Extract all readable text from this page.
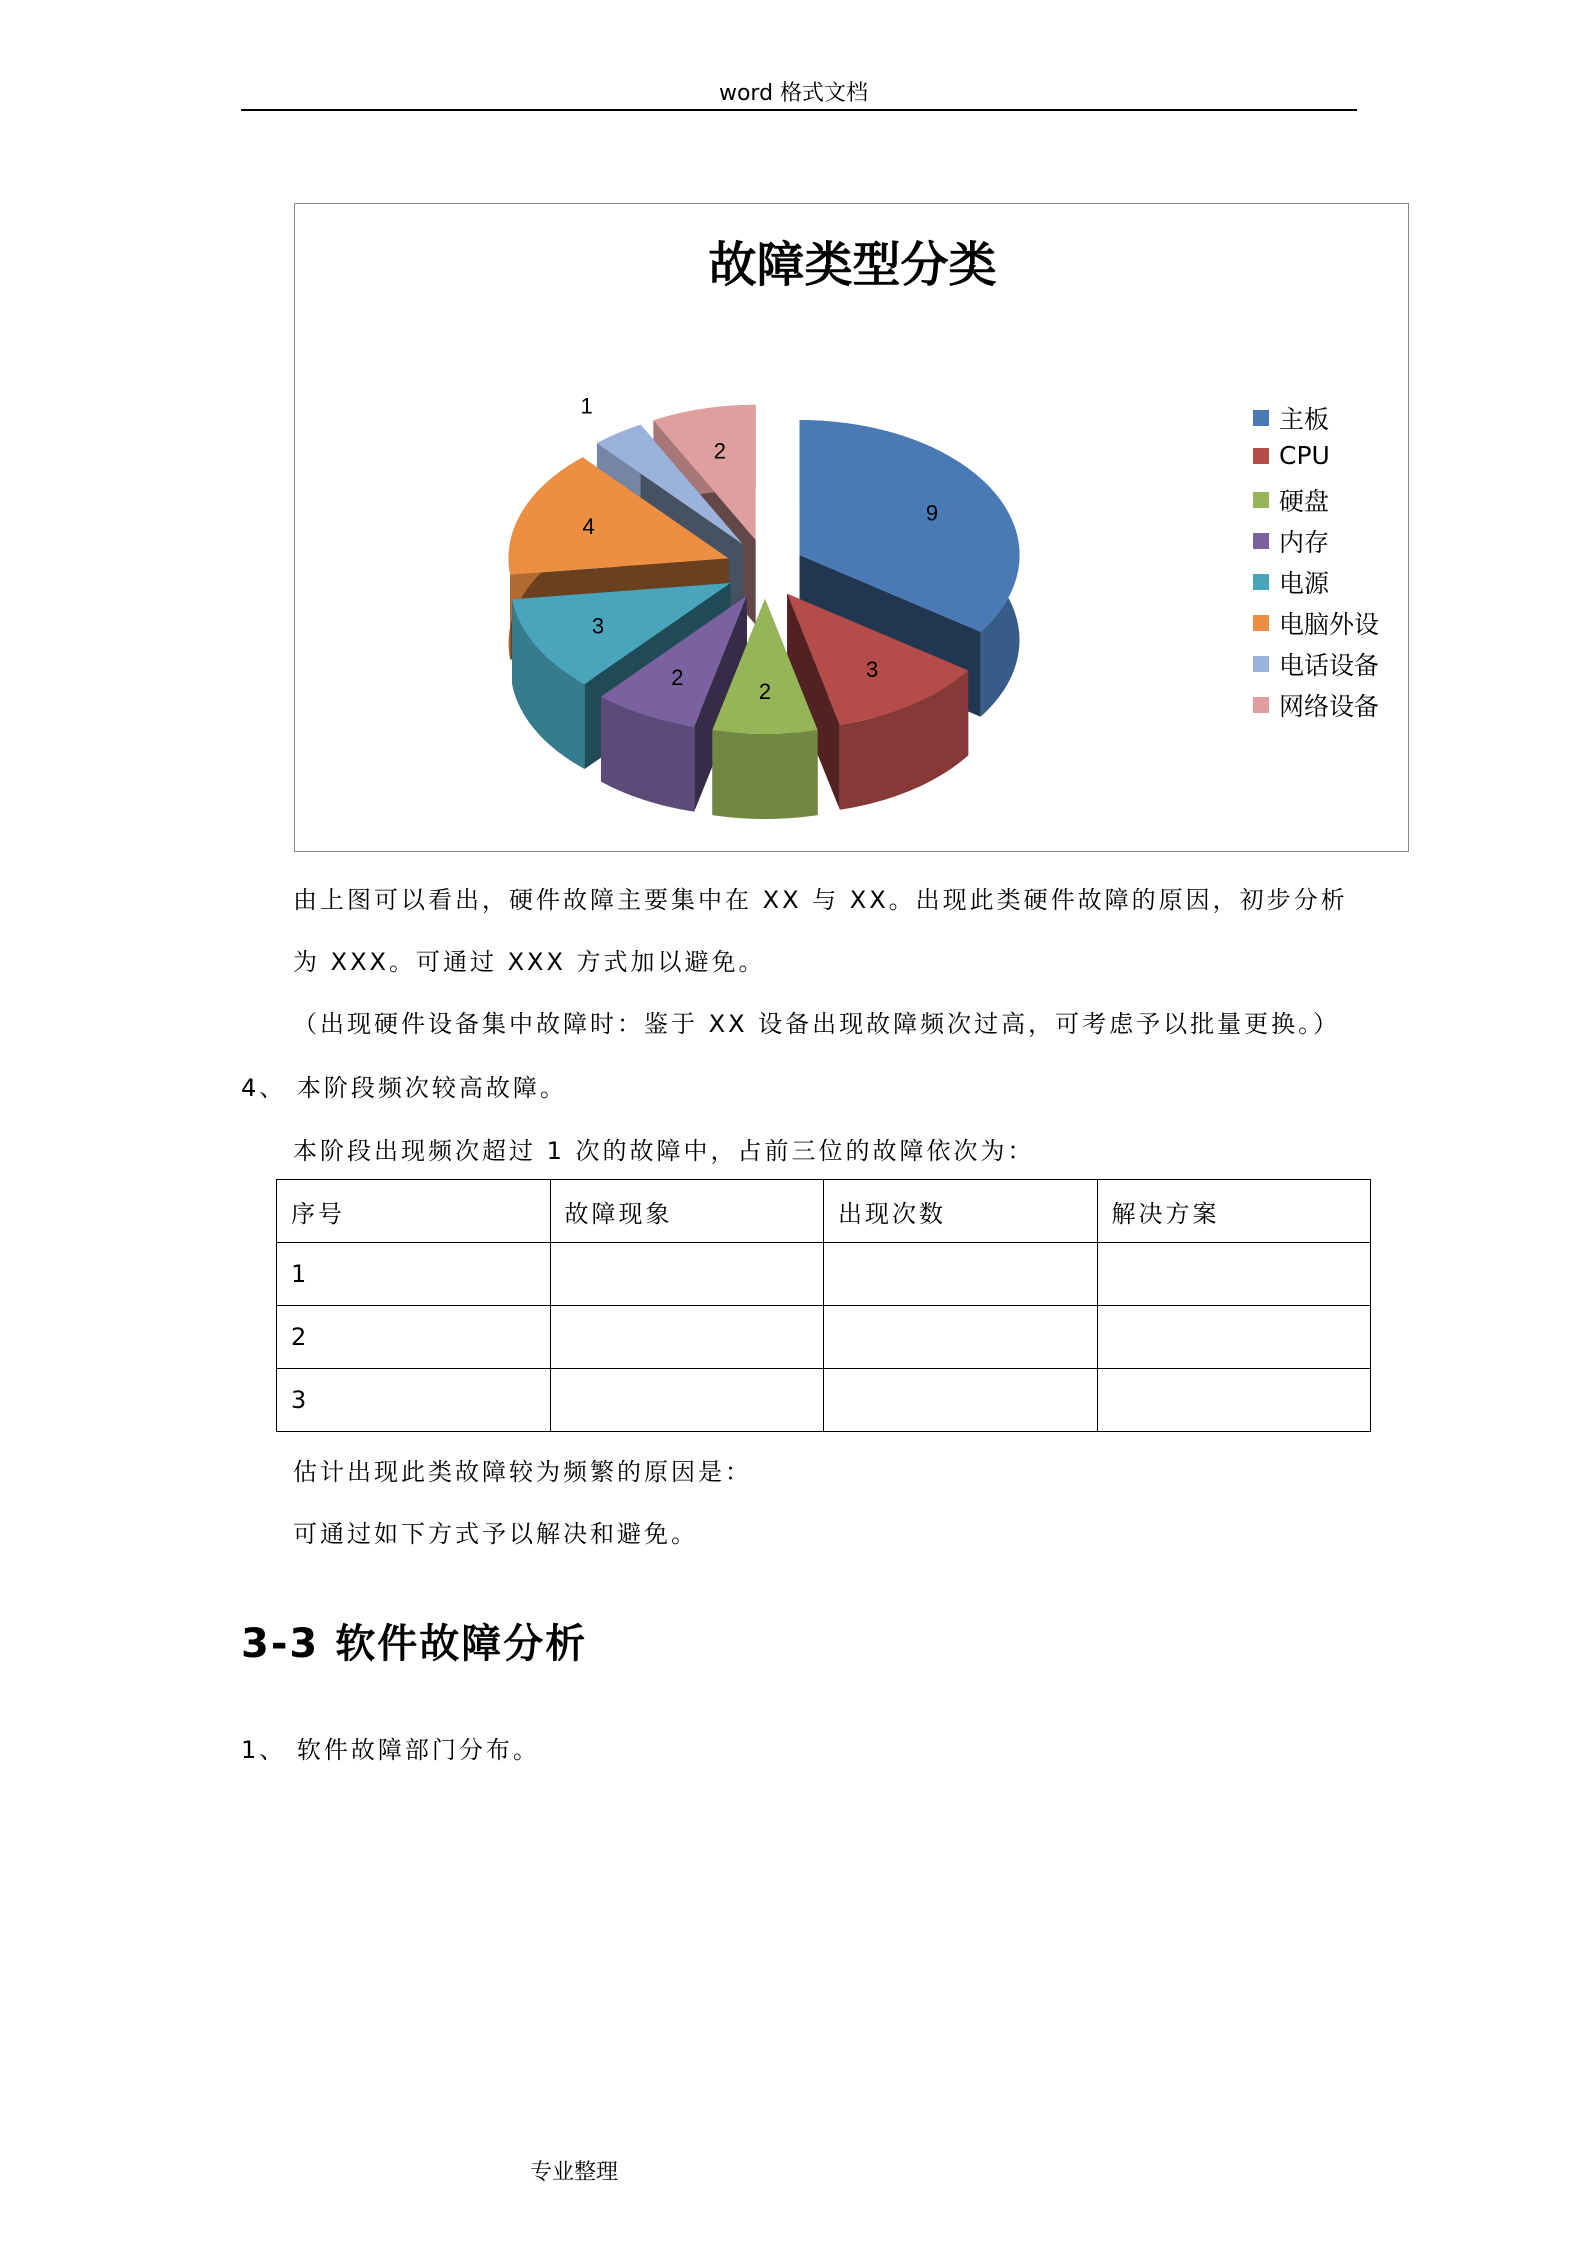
word 格式文档
故障类型分类
9
3
2
2
3
4
1
2
主板
CPU
硬盘
内存
电源
电脑外设
电话设备
网络设备
由上图可以看出，硬件故障主要集中在 XX 与 XX。出现此类硬件故障的原因，初步分析
为 XXX。可通过 XXX 方式加以避免。
（出现硬件设备集中故障时：鉴于 XX 设备出现故障频次过高，可考虑予以批量更换。）
4、 本阶段频次较高故障。
本阶段出现频次超过 1 次的故障中，占前三位的故障依次为：
序号	故障现象	出现次数	解决方案
1			
2			
3			
估计出现此类故障较为频繁的原因是：
可通过如下方式予以解决和避免。
3-3 软件故障分析
1、 软件故障部门分布。
专业整理
